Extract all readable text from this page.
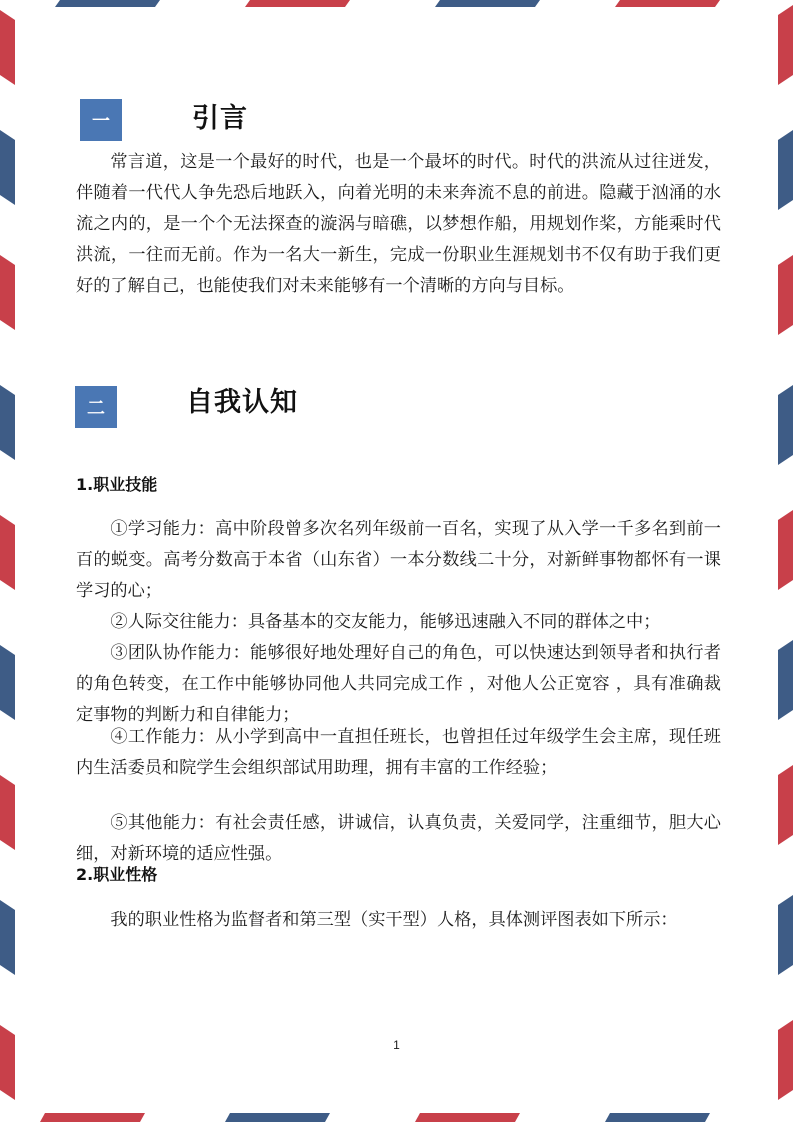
一	引言

常言道，这是一个最好的时代，也是一个最坏的时代。时代的洪流从过往迸发，伴随着一代代人争先恐后地跃入，向着光明的未来奔流不息的前进。隐藏于汹涌的水流之内的，是一个个无法探查的漩涡与暗礁，以梦想作船，用规划作桨，方能乘时代洪流，一往而无前。作为一名大一新生，完成一份职业生涯规划书不仅有助于我们更好的了解自己，也能使我们对未来能够有一个清晰的方向与目标。

二	自我认知

1.职业技能

①学习能力：高中阶段曾多次名列年级前一百名，实现了从入学一千多名到前一百的蜕变。高考分数高于本省（山东省）一本分数线二十分，对新鲜事物都怀有一课学习的心；

②人际交往能力：具备基本的交友能力，能够迅速融入不同的群体之中；

③团队协作能力：能够很好地处理好自己的角色，可以快速达到领导者和执行者的角色转变，在工作中能够协同他人共同完成工作 ，对他人公正宽容 ，具有准确裁定事物的判断力和自律能力；

④工作能力：从小学到高中一直担任班长，也曾担任过年级学生会主席，现任班内生活委员和院学生会组织部试用助理，拥有丰富的工作经验；

⑤其他能力：有社会责任感，讲诚信，认真负责，关爱同学，注重细节，胆大心细，对新环境的适应性强。

2.职业性格

我的职业性格为监督者和第三型（实干型）人格，具体测评图表如下所示：

1
